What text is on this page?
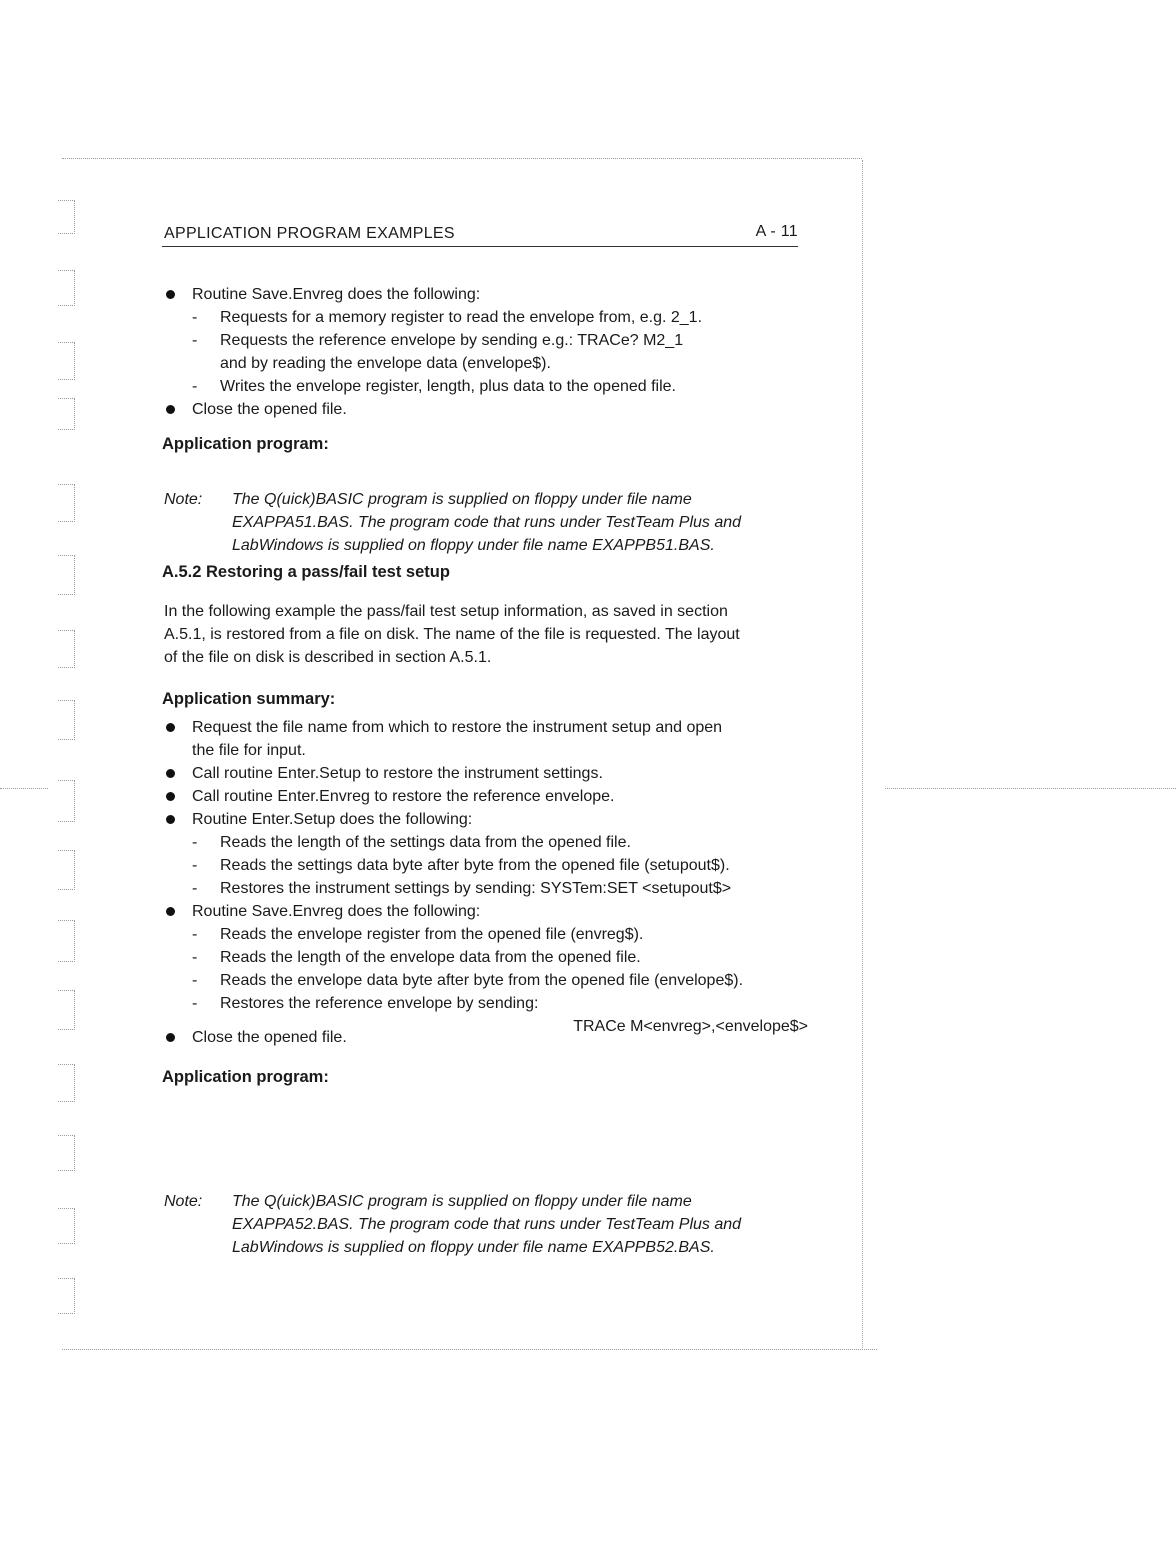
APPLICATION PROGRAM EXAMPLES	A - 11
Routine Save.Envreg does the following:
- Requests for a memory register to read the envelope from, e.g. 2_1.
- Requests the reference envelope by sending e.g.: TRACe? M2_1
and by reading the envelope data (envelope$).
- Writes the envelope register, length, plus data to the opened file.
Close the opened file.
Application program:
Note: The Q(uick)BASIC program is supplied on floppy under file name
EXAPPA51.BAS. The program code that runs under TestTeam Plus and
LabWindows is supplied on floppy under file name EXAPPB51.BAS.
A.5.2 Restoring a pass/fail test setup
In the following example the pass/fail test setup information, as saved in section
A.5.1, is restored from a file on disk. The name of the file is requested. The layout
of the file on disk is described in section A.5.1.
Application summary:
Request the file name from which to restore the instrument setup and open
the file for input.
Call routine Enter.Setup to restore the instrument settings.
Call routine Enter.Envreg to restore the reference envelope.
Routine Enter.Setup does the following:
- Reads the length of the settings data from the opened file.
- Reads the settings data byte after byte from the opened file (setupout$).
- Restores the instrument settings by sending: SYSTem:SET <setupout$>
Routine Save.Envreg does the following:
- Reads the envelope register from the opened file (envreg$).
- Reads the length of the envelope data from the opened file.
- Reads the envelope data byte after byte from the opened file (envelope$).
- Restores the reference envelope by sending:
TRACe M<envreg>,<envelope$>
Close the opened file.
Application program:
Note: The Q(uick)BASIC program is supplied on floppy under file name
EXAPPA52.BAS. The program code that runs under TestTeam Plus and
LabWindows is supplied on floppy under file name EXAPPB52.BAS.
